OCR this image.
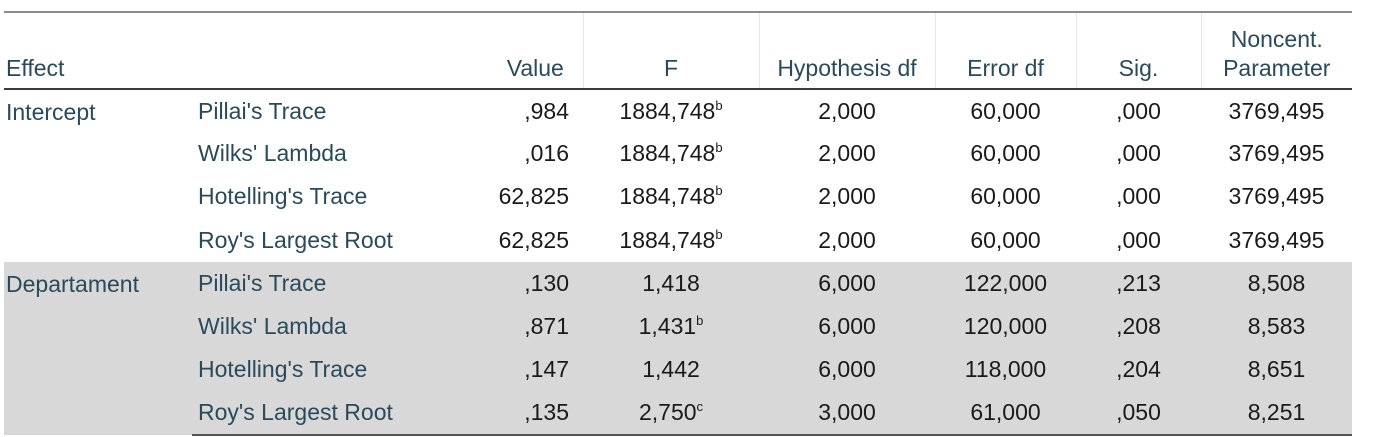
Effect		Value	F	Hypothesis df	Error df	Sig.	Noncent.
Parameter
Intercept	Pillai's Trace	,984	1884,748$^b$	2,000	60,000	,000	3769,495
	Wilks' Lambda	,016	1884,748$^b$	2,000	60,000	,000	3769,495
	Hotelling's Trace	62,825	1884,748$^b$	2,000	60,000	,000	3769,495
	Roy's Largest Root	62,825	1884,748$^b$	2,000	60,000	,000	3769,495
Departament	Pillai's Trace	,130	1,418	6,000	122,000	,213	8,508
	Wilks' Lambda	,871	1,431$^b$	6,000	120,000	,208	8,583
	Hotelling's Trace	,147	1,442	6,000	118,000	,204	8,651
	Roy's Largest Root	,135	2,750$^c$	3,000	61,000	,050	8,251
